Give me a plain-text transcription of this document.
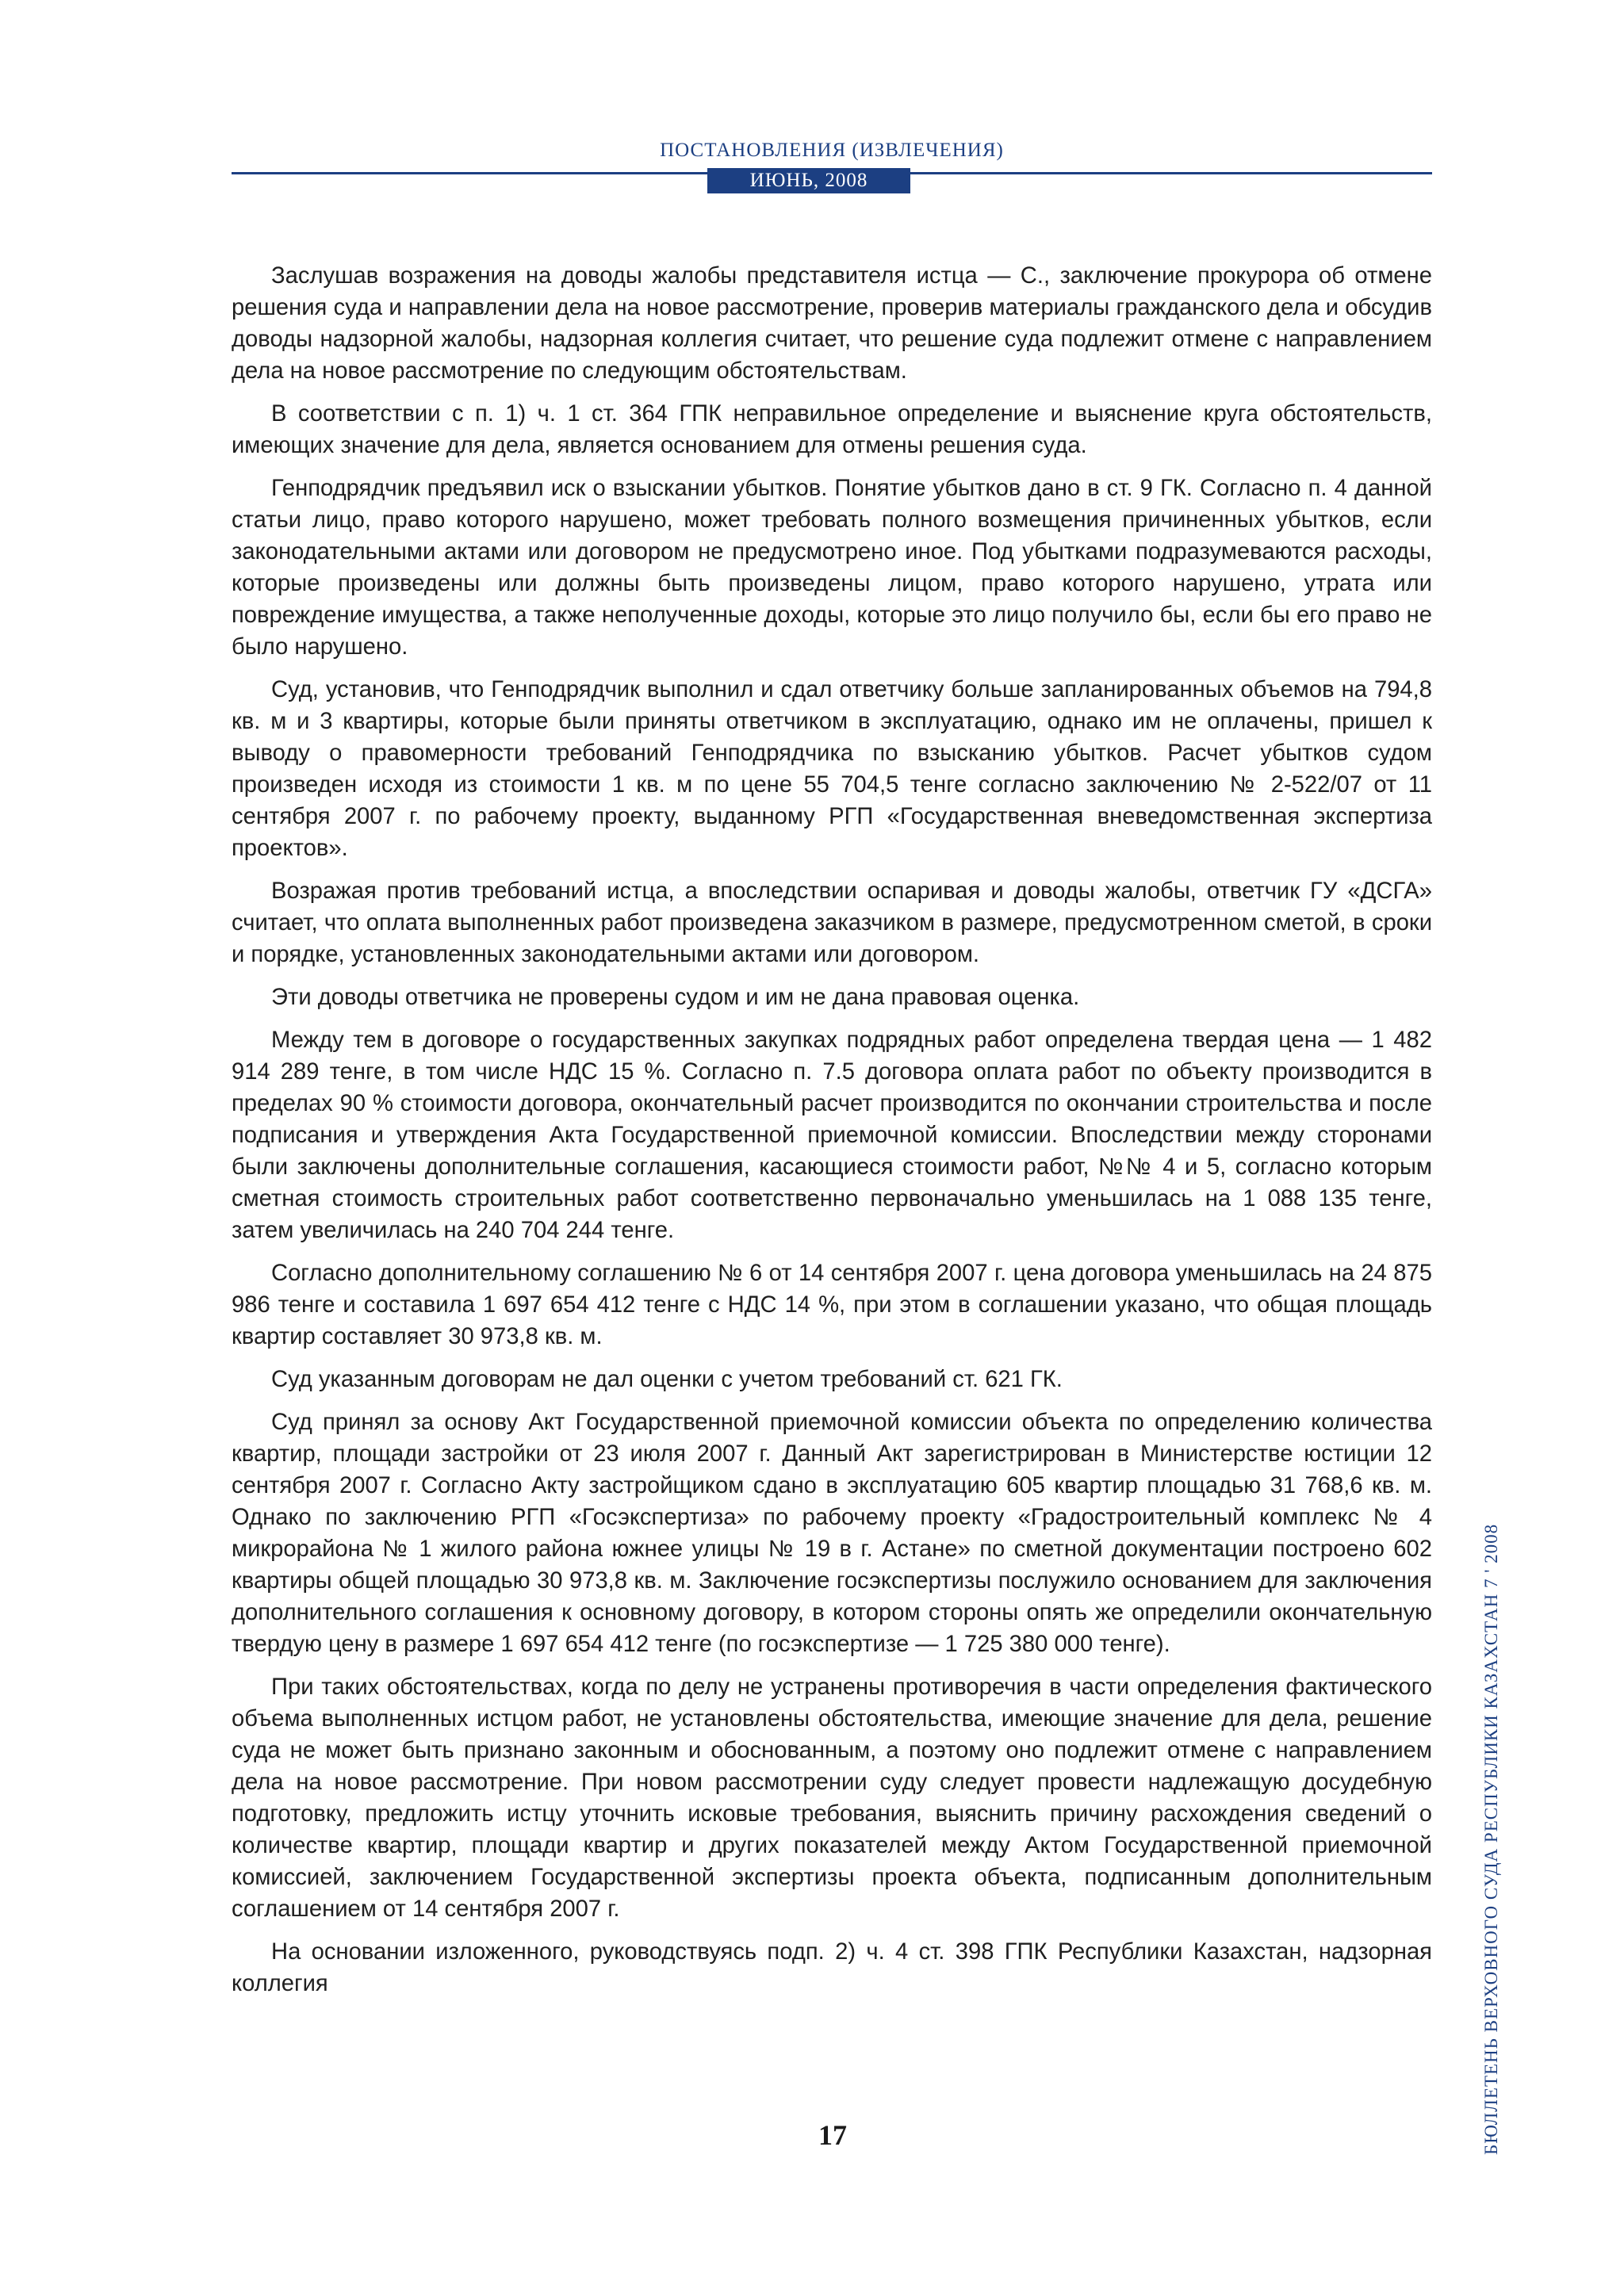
ПОСТАНОВЛЕНИЯ (ИЗВЛЕЧЕНИЯ)
ИЮНЬ, 2008

Заслушав возражения на доводы жалобы представителя истца — С., заключение прокурора об отмене решения суда и направлении дела на новое рассмотрение, проверив материалы гражданского дела и обсудив доводы надзорной жалобы, надзорная коллегия считает, что решение суда подлежит отмене с направлением дела на новое рассмотрение по следующим обстоятельствам.

В соответствии с п. 1) ч. 1 ст. 364 ГПК неправильное определение и выяснение круга обстоятельств, имеющих значение для дела, является основанием для отмены решения суда.

Генподрядчик предъявил иск о взыскании убытков. Понятие убытков дано в ст. 9 ГК. Согласно п. 4 данной статьи лицо, право которого нарушено, может требовать полного возмещения причиненных убытков, если законодательными актами или договором не предусмотрено иное. Под убытками подразумеваются расходы, которые произведены или должны быть произведены лицом, право которого нарушено, утрата или повреждение имущества, а также неполученные доходы, которые это лицо получило бы, если бы его право не было нарушено.

Суд, установив, что Генподрядчик выполнил и сдал ответчику больше запланированных объемов на 794,8 кв. м и 3 квартиры, которые были приняты ответчиком в эксплуатацию, однако им не оплачены, пришел к выводу о правомерности требований Генподрядчика по взысканию убытков. Расчет убытков судом произведен исходя из стоимости 1 кв. м по цене 55 704,5 тенге согласно заключению № 2-522/07 от 11 сентября 2007 г. по рабочему проекту, выданному РГП «Государственная вневедомственная экспертиза проектов».

Возражая против требований истца, а впоследствии оспаривая и доводы жалобы, ответчик ГУ «ДСГА» считает, что оплата выполненных работ произведена заказчиком в размере, предусмотренном сметой, в сроки и порядке, установленных законодательными актами или договором.

Эти доводы ответчика не проверены судом и им не дана правовая оценка.

Между тем в договоре о государственных закупках подрядных работ определена твердая цена — 1 482 914 289 тенге, в том числе НДС 15 %. Согласно п. 7.5 договора оплата работ по объекту производится в пределах 90 % стоимости договора, окончательный расчет производится по окончании строительства и после подписания и утверждения Акта Государственной приемочной комиссии. Впоследствии между сторонами были заключены дополнительные соглашения, касающиеся стоимости работ, №№ 4 и 5, согласно которым сметная стоимость строительных работ соответственно первоначально уменьшилась на 1 088 135 тенге, затем увеличилась на 240 704 244 тенге.

Согласно дополнительному соглашению № 6 от 14 сентября 2007 г. цена договора уменьшилась на 24 875 986 тенге и составила 1 697 654 412 тенге с НДС 14 %, при этом в соглашении указано, что общая площадь квартир составляет 30 973,8 кв. м.

Суд указанным договорам не дал оценки с учетом требований ст. 621 ГК.

Суд принял за основу Акт Государственной приемочной комиссии объекта по определению количества квартир, площади застройки от 23 июля 2007 г. Данный Акт зарегистрирован в Министерстве юстиции 12 сентября 2007 г. Согласно Акту застройщиком сдано в эксплуатацию 605 квартир площадью 31 768,6 кв. м. Однако по заключению РГП «Госэкспертиза» по рабочему проекту «Градостроительный комплекс № 4 микрорайона № 1 жилого района южнее улицы № 19 в г. Астане» по сметной документации построено 602 квартиры общей площадью 30 973,8 кв. м. Заключение госэкспертизы послужило основанием для заключения дополнительного соглашения к основному договору, в котором стороны опять же определили окончательную твердую цену в размере 1 697 654 412 тенге (по госэкспертизе — 1 725 380 000 тенге).

При таких обстоятельствах, когда по делу не устранены противоречия в части определения фактического объема выполненных истцом работ, не установлены обстоятельства, имеющие значение для дела, решение суда не может быть признано законным и обоснованным, а поэтому оно подлежит отмене с направлением дела на новое рассмотрение. При новом рассмотрении суду следует провести надлежащую досудебную подготовку, предложить истцу уточнить исковые требования, выяснить причину расхождения сведений о количестве квартир, площади квартир и других показателей между Актом Государственной приемочной комиссией, заключением Государственной экспертизы проекта объекта, подписанным дополнительным соглашением от 14 сентября 2007 г.

На основании изложенного, руководствуясь подп. 2) ч. 4 ст. 398 ГПК Республики Казахстан, надзорная коллегия

17	БЮЛЛЕТЕНЬ ВЕРХОВНОГО СУДА РЕСПУБЛИКИ КАЗАХСТАН 7 ' 2008
